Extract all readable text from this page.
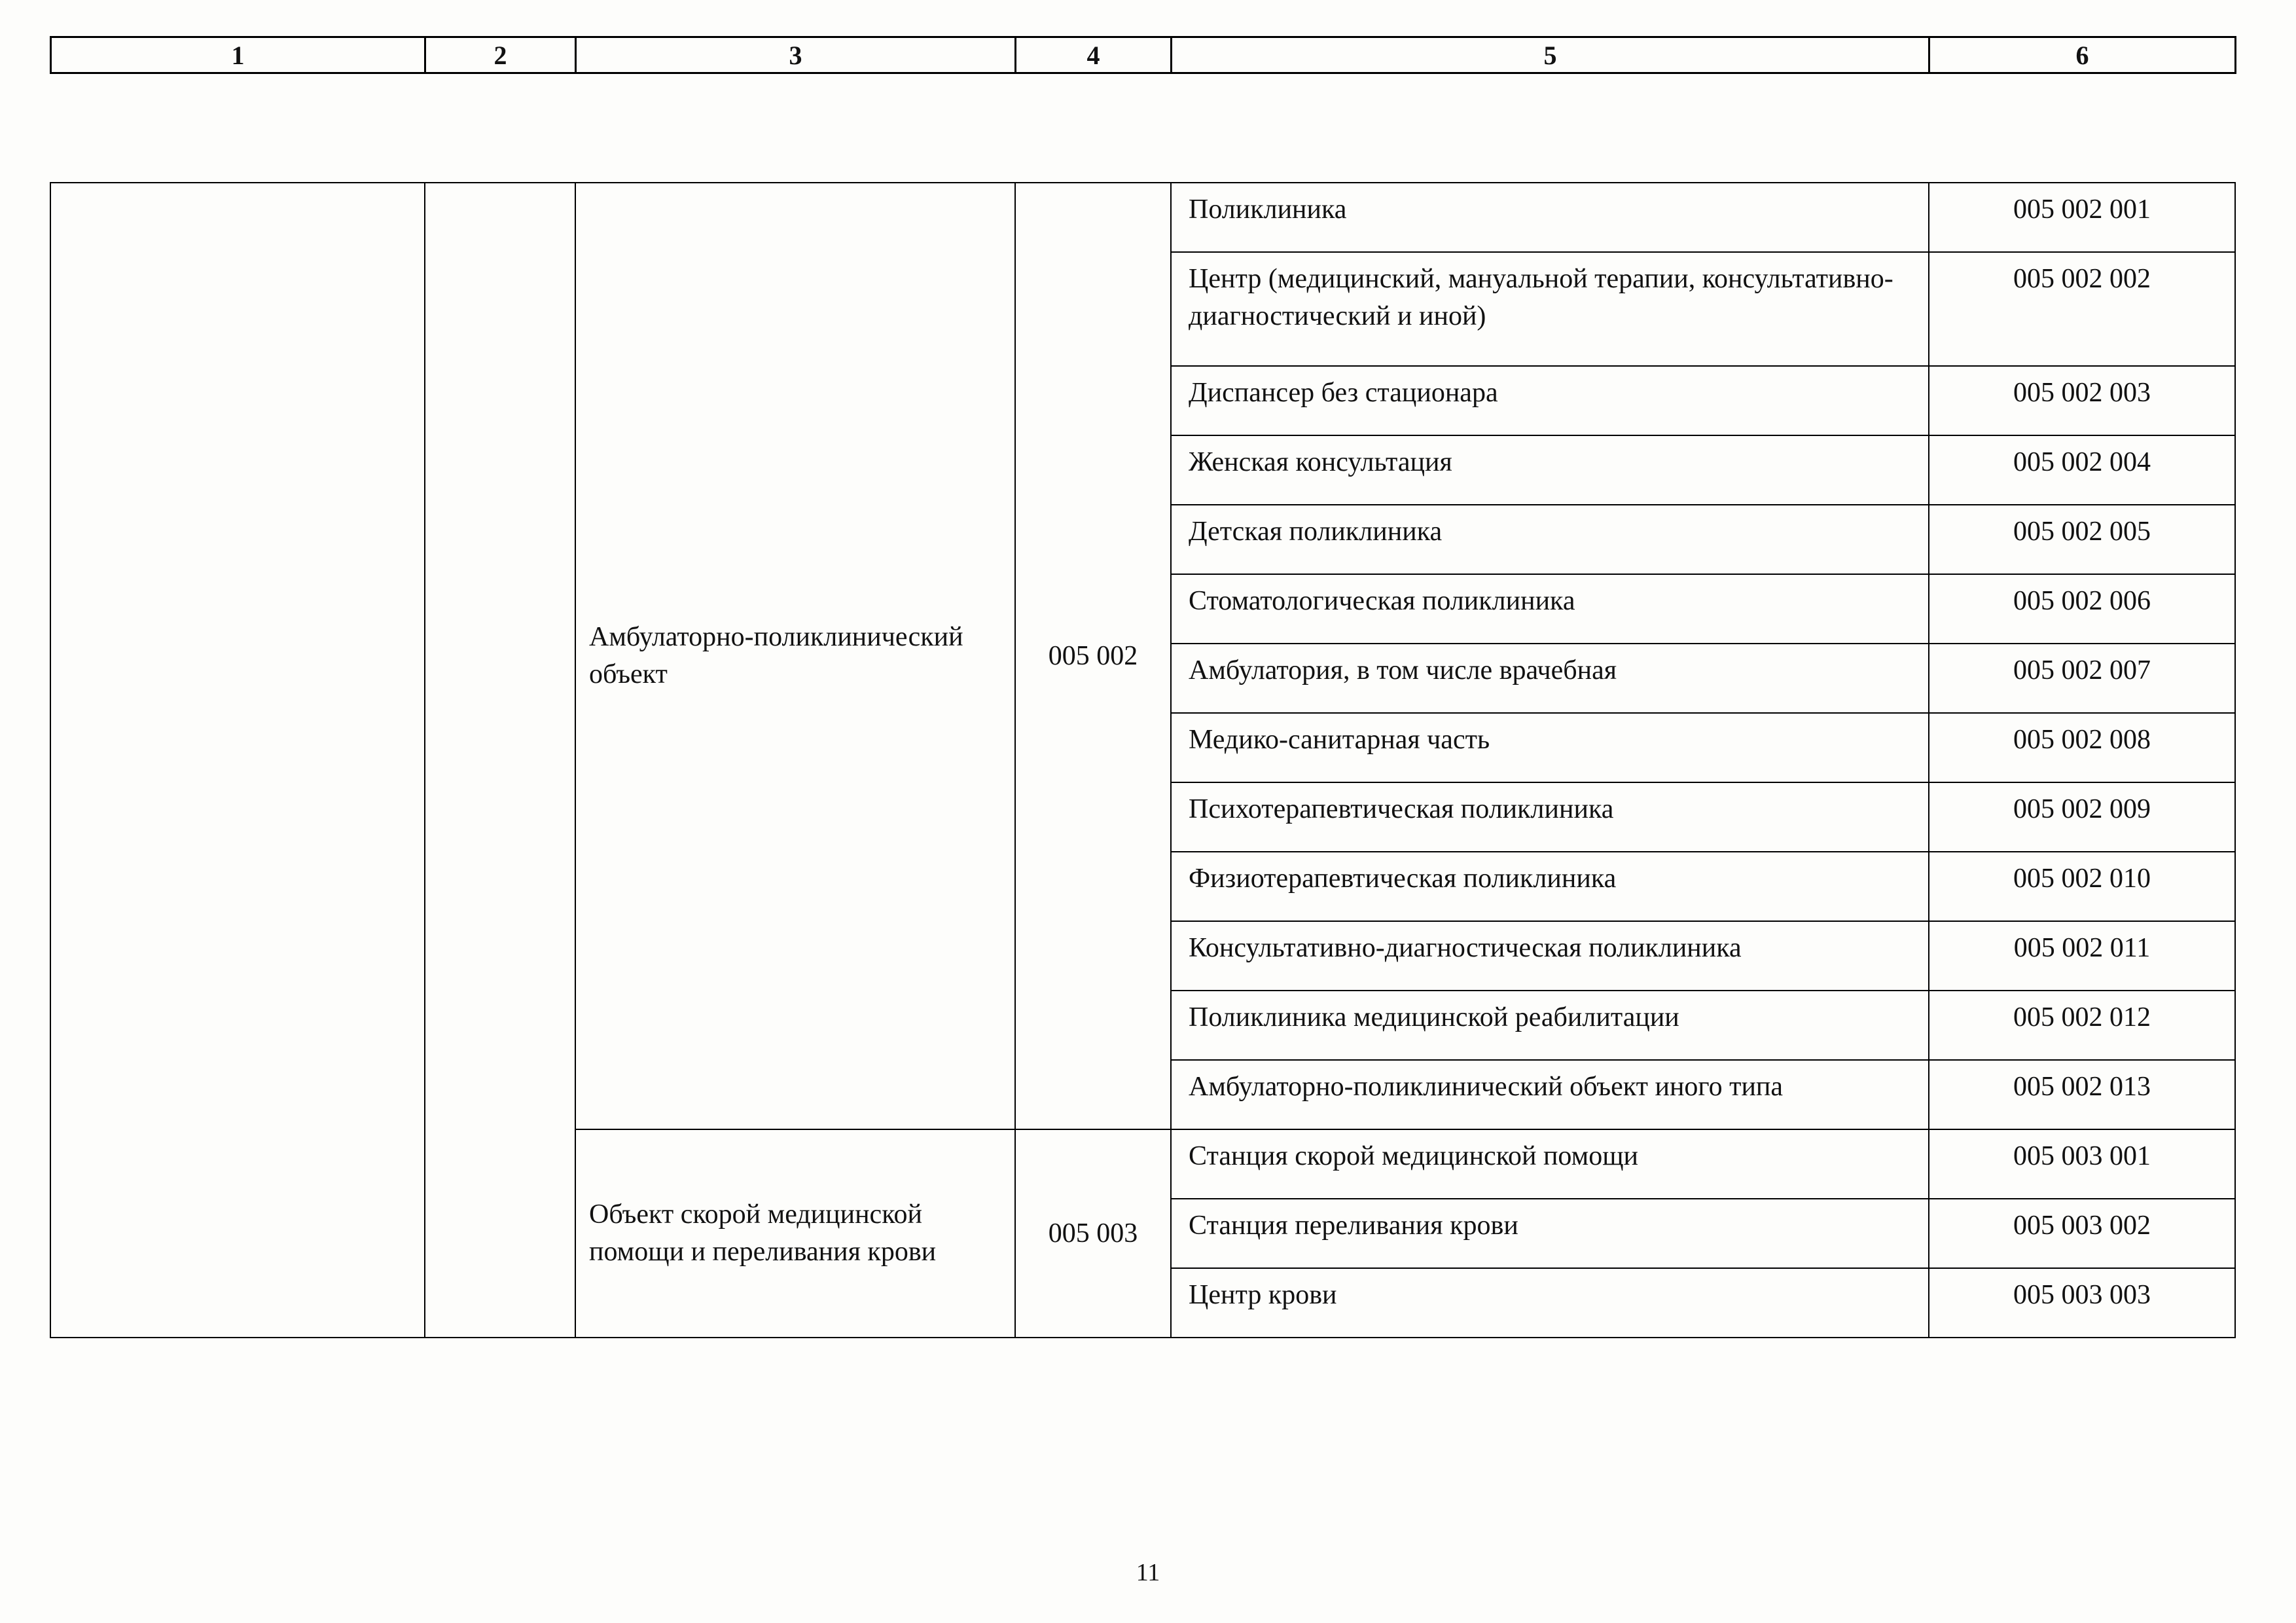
1	2	3	4	5	6
		Амбулаторно-поликлинический объект	005 002	Поликлиника	005 002 001
				Центр (медицинский, мануальной терапии, консультативно-диагностический и иной)	005 002 002
				Диспансер без стационара	005 002 003
				Женская консультация	005 002 004
				Детская поликлиника	005 002 005
				Стоматологическая поликлиника	005 002 006
				Амбулатория, в том числе врачебная	005 002 007
				Медико-санитарная часть	005 002 008
				Психотерапевтическая поликлиника	005 002 009
				Физиотерапевтическая поликлиника	005 002 010
				Консультативно-диагностическая поликлиника	005 002 011
				Поликлиника медицинской реабилитации	005 002 012
				Амбулаторно-поликлинический объект иного типа	005 002 013
		Объект скорой медицинской помощи и переливания крови	005 003	Станция скорой медицинской помощи	005 003 001
				Станция переливания крови	005 003 002
				Центр крови	005 003 003
11
